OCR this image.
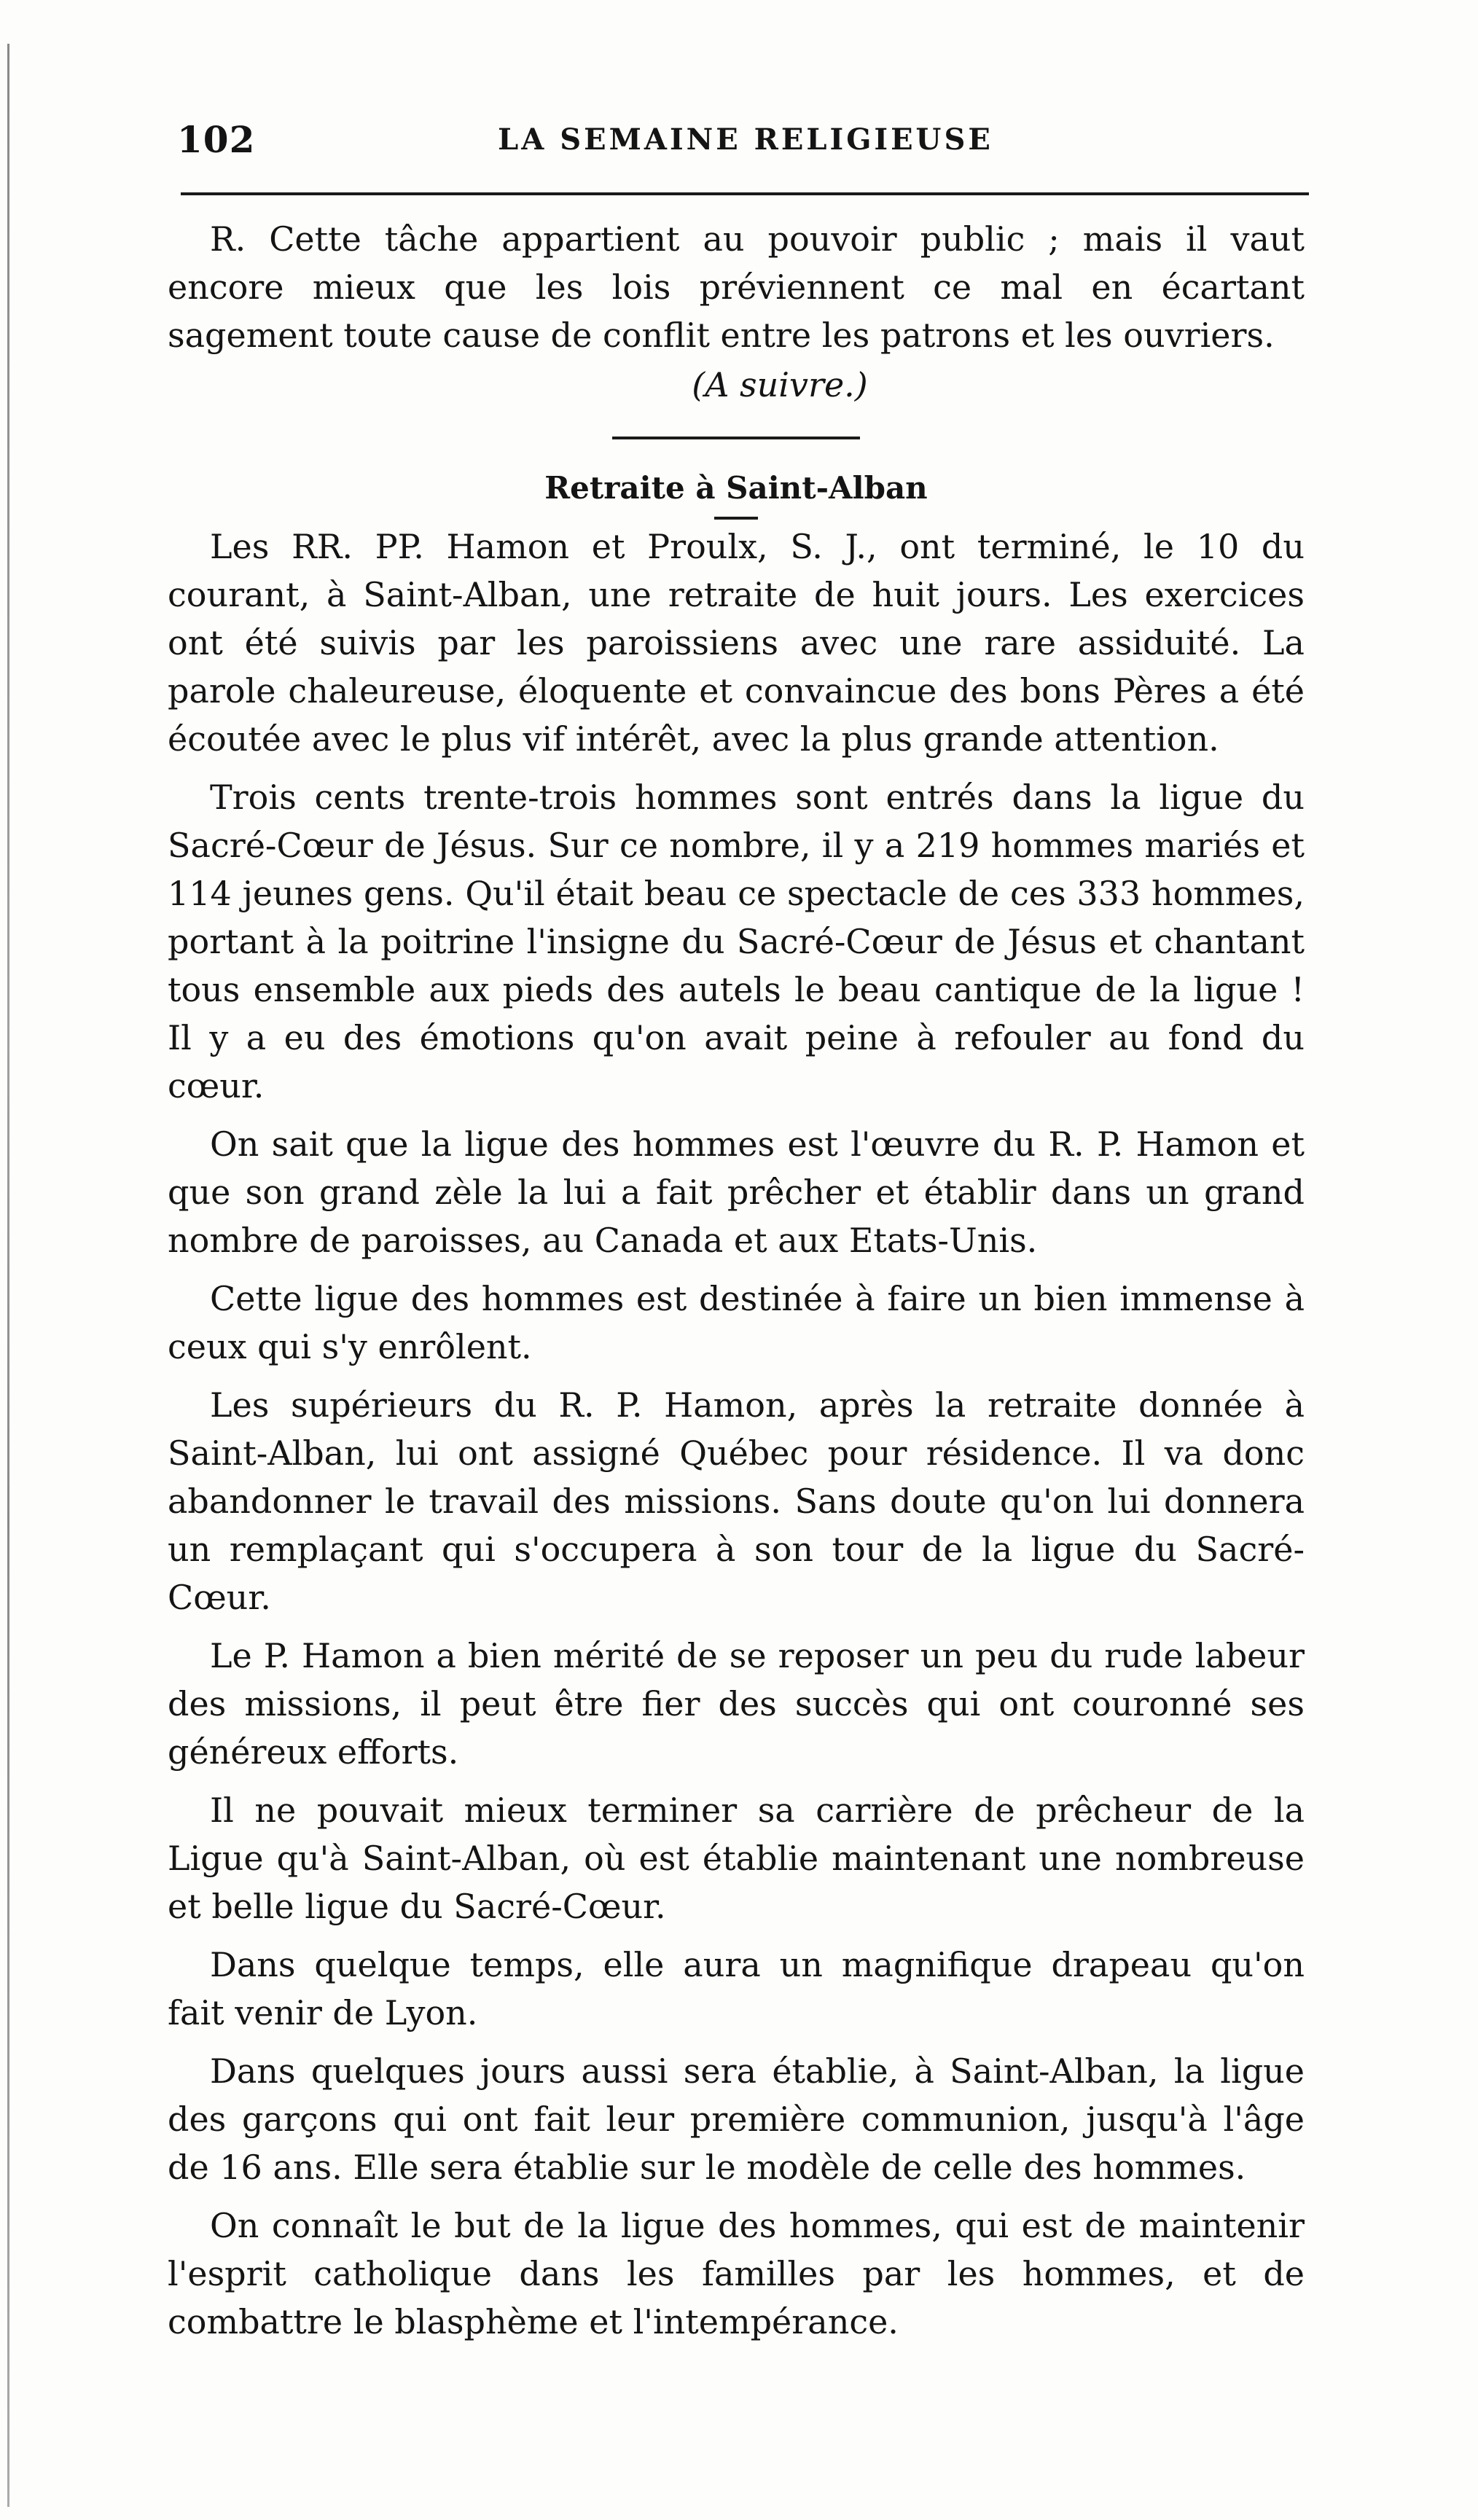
102	LA SEMAINE RELIGIEUSE

R. Cette tâche appartient au pouvoir public ; mais il vaut encore mieux que les lois préviennent ce mal en écartant sagement toute cause de conflit entre les patrons et les ouvriers.

(A suivre.)
Retraite à Saint-Alban

Les RR. PP. Hamon et Proulx, S. J., ont terminé, le 10 du courant, à Saint-Alban, une retraite de huit jours. Les exercices ont été suivis par les paroissiens avec une rare assiduité. La parole chaleureuse, éloquente et convaincue des bons Pères a été écoutée avec le plus vif intérêt, avec la plus grande attention.

Trois cents trente-trois hommes sont entrés dans la ligue du Sacré-Cœur de Jésus. Sur ce nombre, il y a 219 hommes mariés et 114 jeunes gens. Qu'il était beau ce spectacle de ces 333 hommes, portant à la poitrine l'insigne du Sacré-Cœur de Jésus et chantant tous ensemble aux pieds des autels le beau cantique de la ligue ! Il y a eu des émotions qu'on avait peine à refouler au fond du cœur.

On sait que la ligue des hommes est l'œuvre du R. P. Hamon et que son grand zèle la lui a fait prêcher et établir dans un grand nombre de paroisses, au Canada et aux Etats-Unis.

Cette ligue des hommes est destinée à faire un bien immense à ceux qui s'y enrôlent.

Les supérieurs du R. P. Hamon, après la retraite donnée à Saint-Alban, lui ont assigné Québec pour résidence. Il va donc abandonner le travail des missions. Sans doute qu'on lui donnera un remplaçant qui s'occupera à son tour de la ligue du Sacré-Cœur.

Le P. Hamon a bien mérité de se reposer un peu du rude labeur des missions, il peut être fier des succès qui ont couronné ses généreux efforts.

Il ne pouvait mieux terminer sa carrière de prêcheur de la Ligue qu'à Saint-Alban, où est établie maintenant une nombreuse et belle ligue du Sacré-Cœur.

Dans quelque temps, elle aura un magnifique drapeau qu'on fait venir de Lyon.

Dans quelques jours aussi sera établie, à Saint-Alban, la ligue des garçons qui ont fait leur première communion, jusqu'à l'âge de 16 ans. Elle sera établie sur le modèle de celle des hommes.

On connaît le but de la ligue des hommes, qui est de maintenir l'esprit catholique dans les familles par les hommes, et de combattre le blasphème et l'intempérance.
